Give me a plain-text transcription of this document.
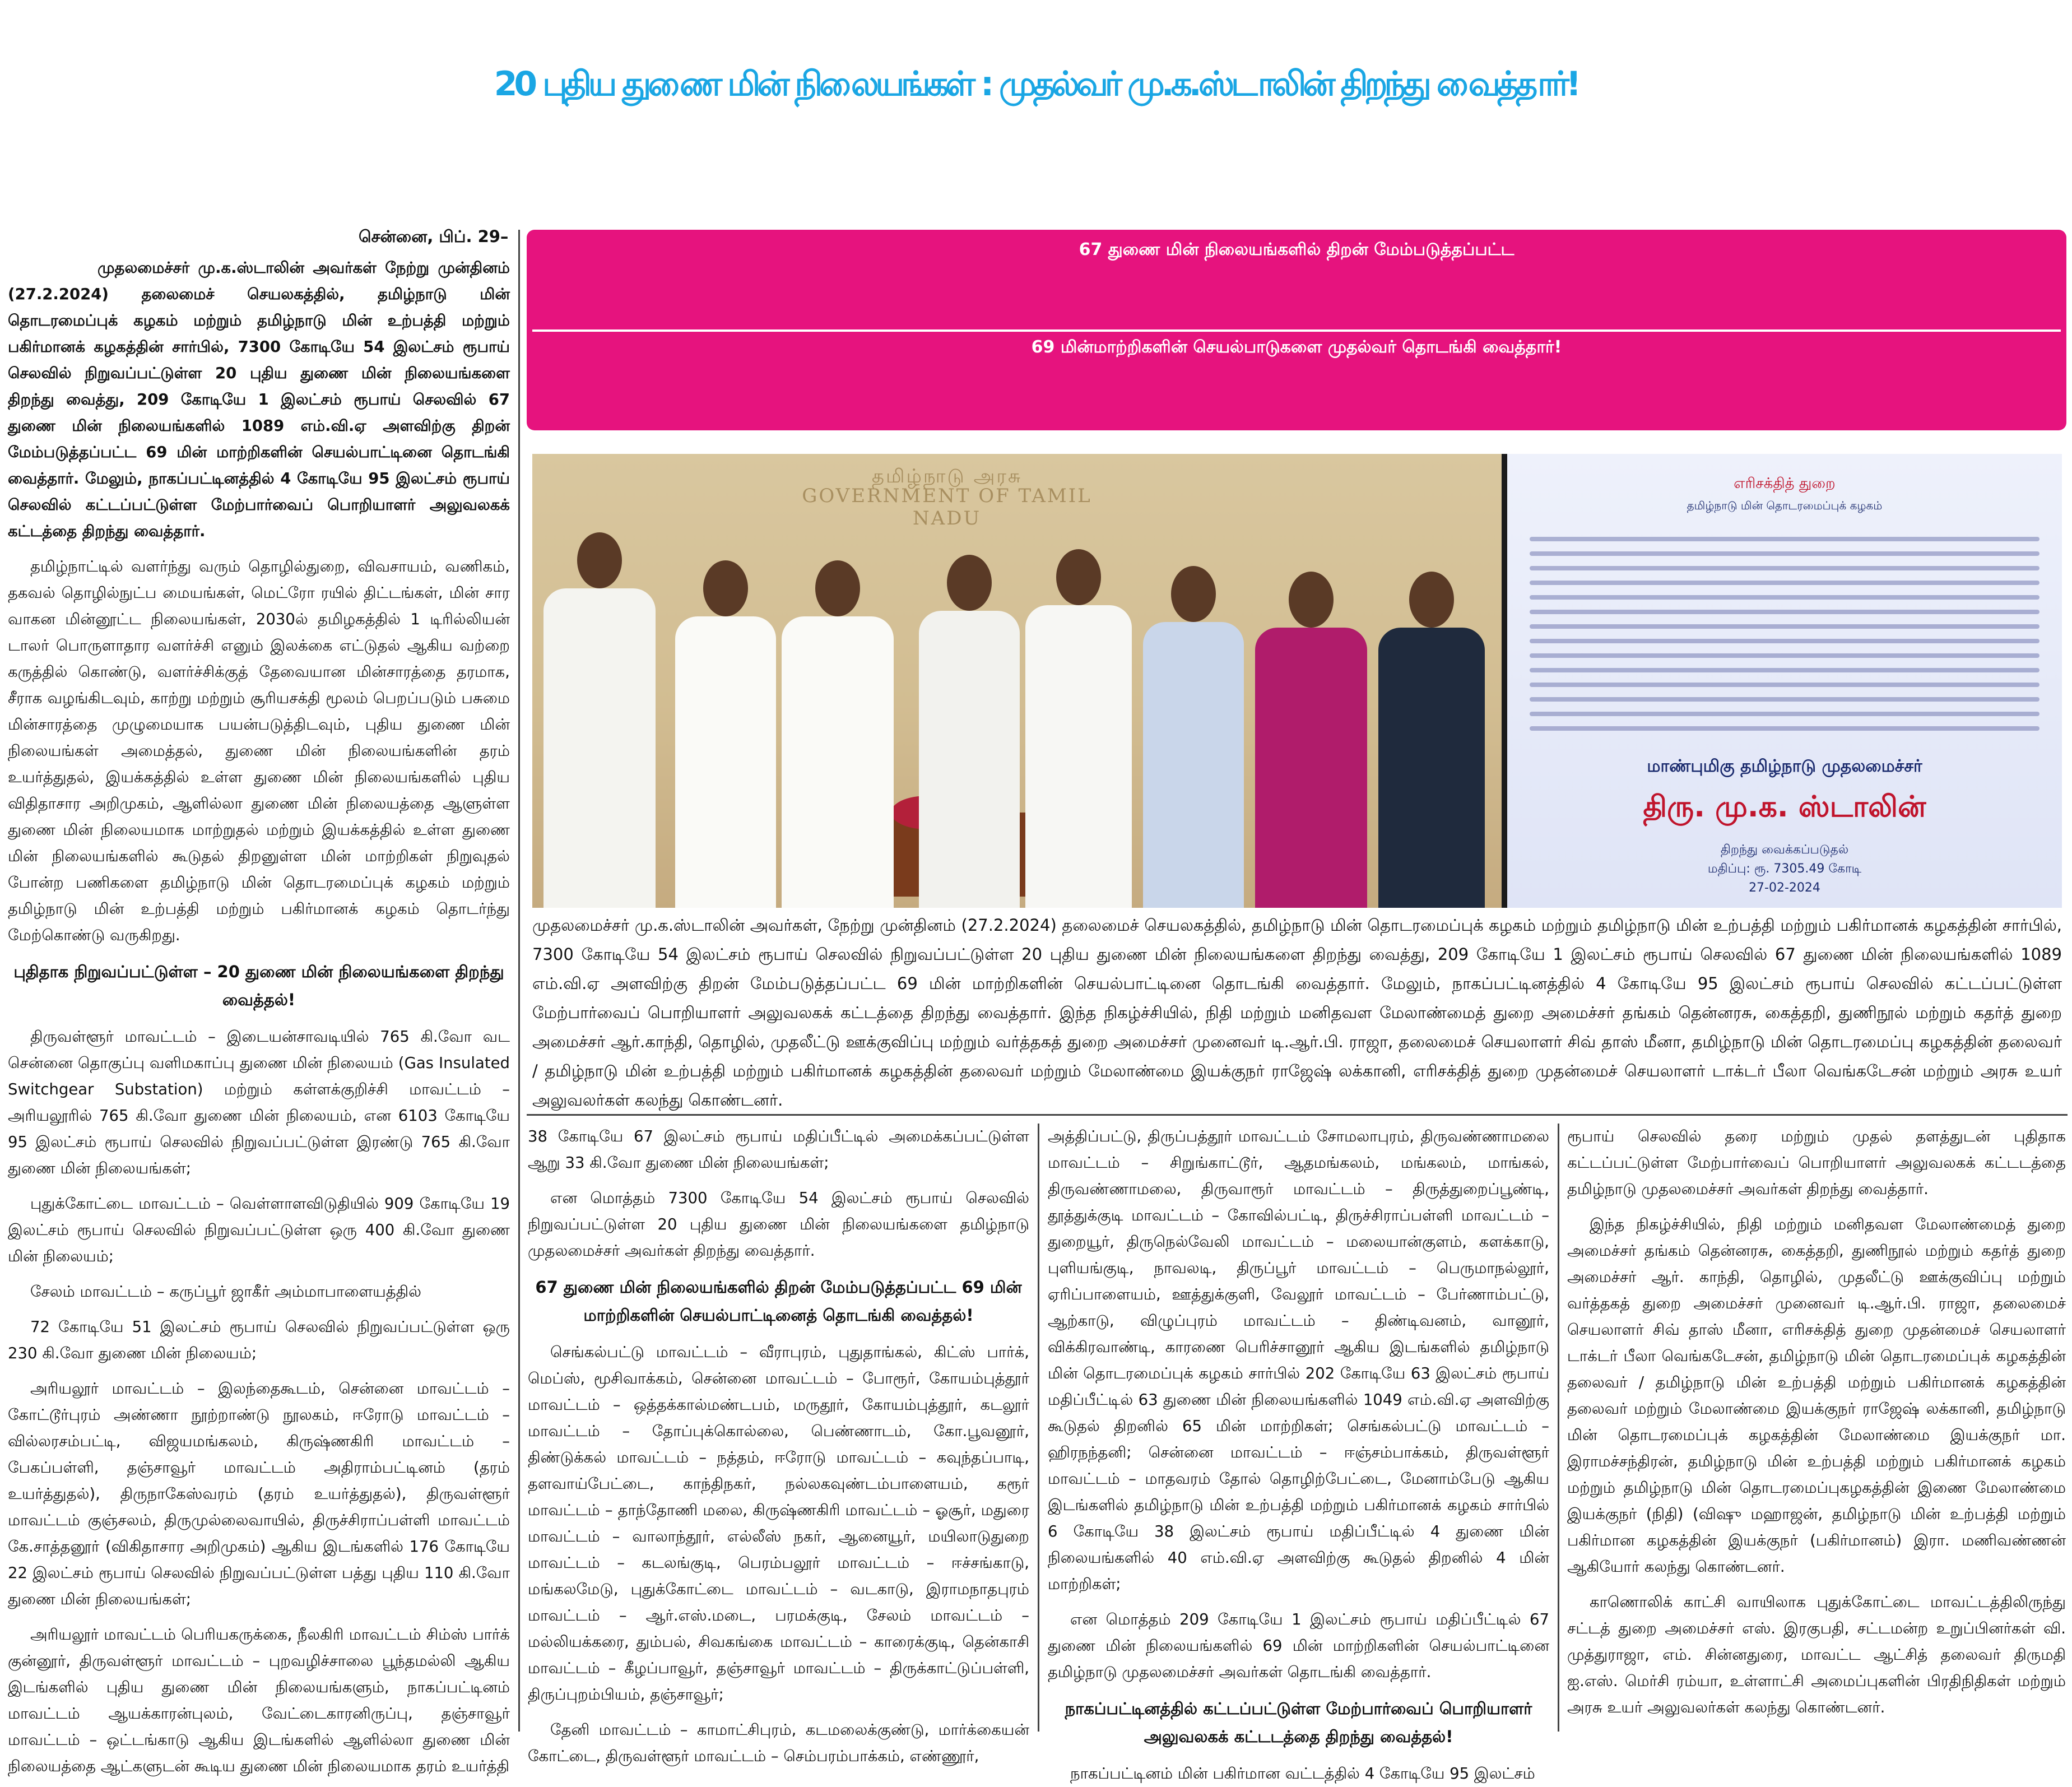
20 புதிய துணை மின் நிலையங்கள் : முதல்வர் மு.க.ஸ்டாலின் திறந்து வைத்தார்!
சென்னை, பிப். 29–

முதலமைச்சர் மு.க.ஸ்டாலின் அவர்கள் நேற்று முன்தினம் (27.2.2024) தலைமைச் செயலகத்தில், தமிழ்நாடு மின் தொடரமைப்புக் கழகம் மற்றும் தமிழ்நாடு மின் உற்பத்தி மற்றும் பகிர்மானக் கழகத்தின் சார்பில், 7300 கோடியே 54 இலட்சம் ரூபாய் செலவில் நிறுவப்பட்டுள்ள 20 புதிய துணை மின் நிலையங்களை திறந்து வைத்து, 209 கோடியே 1 இலட்சம் ரூபாய் செலவில் 67 துணை மின் நிலையங்களில் 1089 எம்.வி.ஏ அளவிற்கு திறன் மேம்படுத்தப்பட்ட 69 மின் மாற்றிகளின் செயல்பாட்டினை தொடங்கி வைத்தார். மேலும், நாகப்பட்டினத்தில் 4 கோடியே 95 இலட்சம் ரூபாய் செலவில் கட்டப்பட்டுள்ள மேற்பார்வைப் பொறியாளர் அலுவலகக் கட்டத்தை திறந்து வைத்தார்.

தமிழ்நாட்டில் வளர்ந்து வரும் தொழில்துறை, விவசாயம், வணிகம், தகவல் தொழில்நுட்ப மையங்கள், மெட்ரோ ரயில் திட்டங்கள், மின் சார வாகன மின்னூட்ட நிலையங்கள், 2030ல் தமிழகத்தில் 1 டிரில்லியன் டாலர் பொருளாதார வளர்ச்சி எனும் இலக்கை எட்டுதல் ஆகிய வற்றை கருத்தில் கொண்டு, வளர்ச்சிக்குத் தேவையான மின்சாரத்தை தரமாக, சீராக வழங்கிடவும், காற்று மற்றும் சூரியசக்தி மூலம் பெறப்படும் பசுமை மின்சாரத்தை முழுமையாக பயன்படுத்திடவும், புதிய துணை மின் நிலையங்கள் அமைத்தல், துணை மின் நிலையங்களின் தரம் உயர்த்துதல், இயக்கத்தில் உள்ள துணை மின் நிலையங்களில் புதிய விதிதாசார அறிமுகம், ஆளில்லா துணை மின் நிலையத்தை ஆளுள்ள துணை மின் நிலையமாக மாற்றுதல் மற்றும் இயக்கத்தில் உள்ள துணை மின் நிலையங்களில் கூடுதல் திறனுள்ள மின் மாற்றிகள் நிறுவுதல் போன்ற பணிகளை தமிழ்நாடு மின் தொடரமைப்புக் கழகம் மற்றும் தமிழ்நாடு மின் உற்பத்தி மற்றும் பகிர்மானக் கழகம் தொடர்ந்து மேற்கொண்டு வருகிறது.

புதிதாக நிறுவப்பட்டுள்ள – 20 துணை மின் நிலையங்களை திறந்து வைத்தல்!

திருவள்ளூர் மாவட்டம் – இடையன்சாவடியில் 765 கி.வோ வட சென்னை தொகுப்பு வளிமகாப்பு துணை மின் நிலையம் (Gas Insulated Switchgear Substation) மற்றும் கள்ளக்குறிச்சி மாவட்டம் –அரியலூரில் 765 கி.வோ துணை மின் நிலையம், என 6103 கோடியே 95 இலட்சம் ரூபாய் செலவில் நிறுவப்பட்டுள்ள இரண்டு 765 கி.வோ துணை மின் நிலையங்கள்;

புதுக்கோட்டை மாவட்டம் – வெள்ளாளவிடுதியில் 909 கோடியே 19 இலட்சம் ரூபாய் செலவில் நிறுவப்பட்டுள்ள ஒரு 400 கி.வோ துணை மின் நிலையம்;

சேலம் மாவட்டம் – கருப்பூர் ஜாகீர் அம்மாபாளையத்தில்

72 கோடியே 51 இலட்சம் ரூபாய் செலவில் நிறுவப்பட்டுள்ள ஒரு 230 கி.வோ துணை மின் நிலையம்;

அரியலூர் மாவட்டம் – இலந்தைகூடம், சென்னை மாவட்டம் –கோட்டூர்புரம் அண்ணா நூற்றாண்டு நூலகம், ஈரோடு மாவட்டம் –வில்லரசம்பட்டி, விஜயமங்கலம், கிருஷ்ணகிரி மாவட்டம் – பேகப்பள்ளி, தஞ்சாவூர் மாவட்டம் அதிராம்பட்டினம் (தரம் உயர்த்துதல்), திருநாகேஸ்வரம் (தரம் உயர்த்துதல்), திருவள்ளூர் மாவட்டம் குஞ்சலம், திருமுல்லைவாயில், திருச்சிராப்பள்ளி மாவட்டம் கே.சாத்தனூர் (விகிதாசார அறிமுகம்) ஆகிய இடங்களில் 176 கோடியே 22 இலட்சம் ரூபாய் செலவில் நிறுவப்பட்டுள்ள பத்து புதிய 110 கி.வோ துணை மின் நிலையங்கள்;

அரியலூர் மாவட்டம் பெரியகருக்கை, நீலகிரி மாவட்டம் சிம்ஸ் பார்க் குன்னூர், திருவள்ளூர் மாவட்டம் – புறவழிச்சாலை பூந்தமல்லி ஆகிய இடங்களில் புதிய துணை மின் நிலையங்களும், நாகப்பட்டினம் மாவட்டம் ஆயக்காரன்புலம், வேட்டைகாரனிருப்பு, தஞ்சாவூர் மாவட்டம் – ஒட்டங்காடு ஆகிய இடங்களில் ஆளில்லா துணை மின் நிலையத்தை ஆட்களுடன் கூடிய துணை மின் நிலையமாக தரம் உயர்த்தி

67 துணை மின் நிலையங்களில் திறன் மேம்படுத்தப்பட்ட
69 மின்மாற்றிகளின் செயல்பாடுகளை முதல்வர் தொடங்கி வைத்தார்!
தமிழ்நாடு அரசு
GOVERNMENT OF TAMIL NADU
எரிசக்தித் துறை
தமிழ்நாடு மின் தொடரமைப்புக் கழகம்
மாண்புமிகு தமிழ்நாடு முதலமைச்சர்
திரு. மு.க. ஸ்டாலின்
திறந்து வைக்கப்படுதல்
மதிப்பு: ரூ. 7305.49 கோடி
27-02-2024
முதலமைச்சர் மு.க.ஸ்டாலின் அவர்கள், நேற்று முன்தினம் (27.2.2024) தலைமைச் செயலகத்தில், தமிழ்நாடு மின் தொடரமைப்புக் கழகம் மற்றும் தமிழ்நாடு மின் உற்பத்தி மற்றும் பகிர்மானக் கழகத்தின் சார்பில், 7300 கோடியே 54 இலட்சம் ரூபாய் செலவில் நிறுவப்பட்டுள்ள 20 புதிய துணை மின் நிலையங்களை திறந்து வைத்து, 209 கோடியே 1 இலட்சம் ரூபாய் செலவில் 67 துணை மின் நிலையங்களில் 1089 எம்.வி.ஏ அளவிற்கு திறன் மேம்படுத்தப்பட்ட 69 மின் மாற்றிகளின் செயல்பாட்டினை தொடங்கி வைத்தார். மேலும், நாகப்பட்டினத்தில் 4 கோடியே 95 இலட்சம் ரூபாய் செலவில் கட்டப்பட்டுள்ள மேற்பார்வைப் பொறியாளர் அலுவலகக் கட்டத்தை திறந்து வைத்தார். இந்த நிகழ்ச்சியில், நிதி மற்றும் மனிதவள மேலாண்மைத் துறை அமைச்சர் தங்கம் தென்னரசு, கைத்தறி, துணிநூல் மற்றும் கதர்த் துறை அமைச்சர் ஆர்.காந்தி, தொழில், முதலீட்டு ஊக்குவிப்பு மற்றும் வர்த்தகத் துறை அமைச்சர் முனைவர் டி.ஆர்.பி. ராஜா, தலைமைச் செயலாளர் சிவ் தாஸ் மீனா, தமிழ்நாடு மின் தொடரமைப்பு கழகத்தின் தலைவர் / தமிழ்நாடு மின் உற்பத்தி மற்றும் பகிர்மானக் கழகத்தின் தலைவர் மற்றும் மேலாண்மை இயக்குநர் ராஜேஷ் லக்கானி, எரிசக்தித் துறை முதன்மைச் செயலாளர் டாக்டர் பீலா வெங்கடேசன் மற்றும் அரசு உயர் அலுவலர்கள் கலந்து கொண்டனர்.

38 கோடியே 67 இலட்சம் ரூபாய் மதிப்பீட்டில் அமைக்கப்பட்டுள்ள ஆறு 33 கி.வோ துணை மின் நிலையங்கள்;

என மொத்தம் 7300 கோடியே 54 இலட்சம் ரூபாய் செலவில் நிறுவப்பட்டுள்ள 20 புதிய துணை மின் நிலையங்களை தமிழ்நாடு முதலமைச்சர் அவர்கள் திறந்து வைத்தார்.

67 துணை மின் நிலையங்களில் திறன் மேம்படுத்தப்பட்ட 69 மின் மாற்றிகளின் செயல்பாட்டினைத் தொடங்கி வைத்தல்!

செங்கல்பட்டு மாவட்டம் – வீராபுரம், புதுதாங்கல், கிட்ஸ் பார்க், மெப்ஸ், மூசிவாக்கம், சென்னை மாவட்டம் – போரூர், கோயம்புத்தூர் மாவட்டம் – ஒத்தக்கால்மண்டபம், மருதூர், கோயம்புத்தூர், கடலூர் மாவட்டம் – தோப்புக்கொல்லை, பெண்ணாடம், கோ.பூவனூர், திண்டுக்கல் மாவட்டம் – நத்தம், ஈரோடு மாவட்டம் – கவுந்தப்பாடி, தளவாய்பேட்டை, காந்திநகர், நல்லகவுண்டம்பாளையம், கரூர் மாவட்டம் – தாந்தோணி மலை, கிருஷ்ணகிரி மாவட்டம் – ஓசூர், மதுரை மாவட்டம் – வாலாந்தூர், எல்லீஸ் நகர், ஆனையூர், மயிலாடுதுறை மாவட்டம் – கடலங்குடி, பெரம்பலூர் மாவட்டம் – ஈச்சங்காடு, மங்கலமேடு, புதுக்கோட்டை மாவட்டம் – வடகாடு, இராமநாதபுரம் மாவட்டம் – ஆர்.எஸ்.மடை, பரமக்குடி, சேலம் மாவட்டம் – மல்லியக்கரை, தும்பல், சிவகங்கை மாவட்டம் – காரைக்குடி, தென்காசி மாவட்டம் – கீழப்பாவூர், தஞ்சாவூர் மாவட்டம் – திருக்காட்டுப்பள்ளி, திருப்புறம்பியம், தஞ்சாவூர்;

தேனி மாவட்டம் – காமாட்சிபுரம், கடமலைக்குண்டு, மார்க்கையன் கோட்டை, திருவள்ளூர் மாவட்டம் – செம்பரம்பாக்கம், எண்ணூர்,

அத்திப்பட்டு, திருப்பத்தூர் மாவட்டம் சோமலாபுரம், திருவண்ணாமலை மாவட்டம் – சிறுங்காட்டூர், ஆதமங்கலம், மங்கலம், மாங்கல், திருவண்ணாமலை, திருவாரூர் மாவட்டம் – திருத்துறைப்பூண்டி, தூத்துக்குடி மாவட்டம் – கோவில்பட்டி, திருச்சிராப்பள்ளி மாவட்டம் – துறையூர், திருநெல்வேலி மாவட்டம் – மலையான்குளம், களக்காடு, புளியங்குடி, நாவலடி, திருப்பூர் மாவட்டம் – பெருமாநல்லூர், ஏரிப்பாளையம், ஊத்துக்குளி, வேலூர் மாவட்டம் – பேர்ணாம்பட்டு, ஆற்காடு, விழுப்புரம் மாவட்டம் – திண்டிவனம், வானூர், விக்கிரவாண்டி, காரணை பெரிச்சானூர் ஆகிய இடங்களில் தமிழ்நாடு மின் தொடரமைப்புக் கழகம் சார்பில் 202 கோடியே 63 இலட்சம் ரூபாய் மதிப்பீட்டில் 63 துணை மின் நிலையங்களில் 1049 எம்.வி.ஏ அளவிற்கு கூடுதல் திறனில் 65 மின் மாற்றிகள்; செங்கல்பட்டு மாவட்டம் – ஹிரநந்தனி; சென்னை மாவட்டம் – ஈஞ்சம்பாக்கம், திருவள்ளூர் மாவட்டம் – மாதவரம் தோல் தொழிற்பேட்டை, மேனாம்பேடு ஆகிய இடங்களில் தமிழ்நாடு மின் உற்பத்தி மற்றும் பகிர்மானக் கழகம் சார்பில் 6 கோடியே 38 இலட்சம் ரூபாய் மதிப்பீட்டில் 4 துணை மின் நிலையங்களில் 40 எம்.வி.ஏ அளவிற்கு கூடுதல் திறனில் 4 மின் மாற்றிகள்;

என மொத்தம் 209 கோடியே 1 இலட்சம் ரூபாய் மதிப்பீட்டில் 67 துணை மின் நிலையங்களில் 69 மின் மாற்றிகளின் செயல்பாட்டினை தமிழ்நாடு முதலமைச்சர் அவர்கள் தொடங்கி வைத்தார்.

நாகப்பட்டினத்தில் கட்டப்பட்டுள்ள மேற்பார்வைப் பொறியாளர் அலுவலகக் கட்டடத்தை திறந்து வைத்தல்!

நாகப்பட்டினம் மின் பகிர்மான வட்டத்தில் 4 கோடியே 95 இலட்சம்

ரூபாய் செலவில் தரை மற்றும் முதல் தளத்துடன் புதிதாக கட்டப்பட்டுள்ள மேற்பார்வைப் பொறியாளர் அலுவலகக் கட்டடத்தை தமிழ்நாடு முதலமைச்சர் அவர்கள் திறந்து வைத்தார்.

இந்த நிகழ்ச்சியில், நிதி மற்றும் மனிதவள மேலாண்மைத் துறை அமைச்சர் தங்கம் தென்னரசு, கைத்தறி, துணிநூல் மற்றும் கதர்த் துறை அமைச்சர் ஆர். காந்தி, தொழில், முதலீட்டு ஊக்குவிப்பு மற்றும் வர்த்தகத் துறை அமைச்சர் முனைவர் டி.ஆர்.பி. ராஜா, தலைமைச் செயலாளர் சிவ் தாஸ் மீனா, எரிசக்தித் துறை முதன்மைச் செயலாளர் டாக்டர் பீலா வெங்கடேசன், தமிழ்நாடு மின் தொடரமைப்புக் கழகத்தின் தலைவர் / தமிழ்நாடு மின் உற்பத்தி மற்றும் பகிர்மானக் கழகத்தின் தலைவர் மற்றும் மேலாண்மை இயக்குநர் ராஜேஷ் லக்கானி, தமிழ்நாடு மின் தொடரமைப்புக் கழகத்தின் மேலாண்மை இயக்குநர் மா. இராமச்சந்திரன், தமிழ்நாடு மின் உற்பத்தி மற்றும் பகிர்மானக் கழகம் மற்றும் தமிழ்நாடு மின் தொடரமைப்புகழகத்தின் இணை மேலாண்மை இயக்குநர் (நிதி) (விஷு மஹாஜன், தமிழ்நாடு மின் உற்பத்தி மற்றும் பகிர்மான கழகத்தின் இயக்குநர் (பகிர்மானம்) இரா. மணிவண்ணன் ஆகியோர் கலந்து கொண்டனர்.

காணொலிக் காட்சி வாயிலாக புதுக்கோட்டை மாவட்டத்திலிருந்து சட்டத் துறை அமைச்சர் எஸ். இரகுபதி, சட்டமன்ற உறுப்பினர்கள் வி. முத்துராஜா, எம். சின்னதுரை, மாவட்ட ஆட்சித் தலைவர் திருமதி ஐ.எஸ். மெர்சி ரம்யா, உள்ளாட்சி அமைப்புகளின் பிரதிநிதிகள் மற்றும் அரசு உயர் அலுவலர்கள் கலந்து கொண்டனர்.
